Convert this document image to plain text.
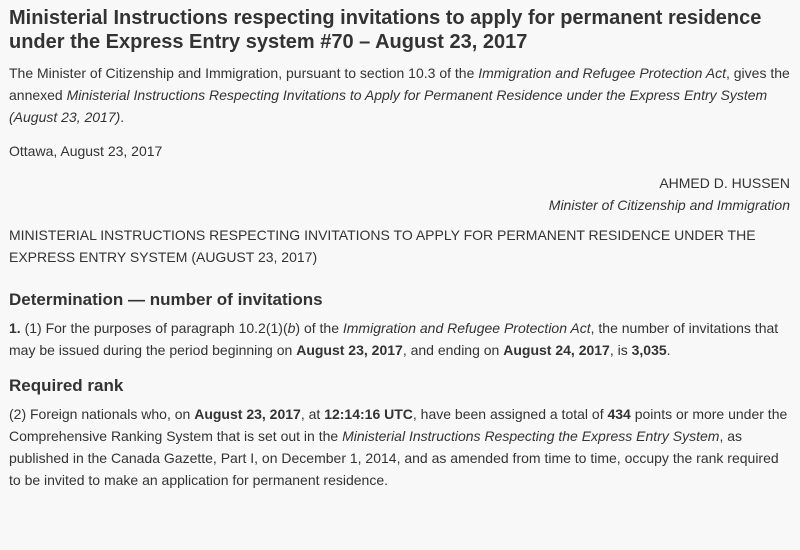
Ministerial Instructions respecting invitations to apply for permanent residence under the Express Entry system #70 – August 23, 2017

The Minister of Citizenship and Immigration, pursuant to section 10.3 of the Immigration and Refugee Protection Act, gives the annexed Ministerial Instructions Respecting Invitations to Apply for Permanent Residence under the Express Entry System (August 23, 2017).

Ottawa, August 23, 2017

AHMED D. HUSSEN

Minister of Citizenship and Immigration

MINISTERIAL INSTRUCTIONS RESPECTING INVITATIONS TO APPLY FOR PERMANENT RESIDENCE UNDER THE EXPRESS ENTRY SYSTEM (AUGUST 23, 2017)

Determination — number of invitations

1. (1) For the purposes of paragraph 10.2(1)(b) of the Immigration and Refugee Protection Act, the number of invitations that may be issued during the period beginning on August 23, 2017, and ending on August 24, 2017, is 3,035.

Required rank

(2) Foreign nationals who, on August 23, 2017, at 12:14:16 UTC, have been assigned a total of 434 points or more under the Comprehensive Ranking System that is set out in the Ministerial Instructions Respecting the Express Entry System, as published in the Canada Gazette, Part I, on December 1, 2014, and as amended from time to time, occupy the rank required to be invited to make an application for permanent residence.
